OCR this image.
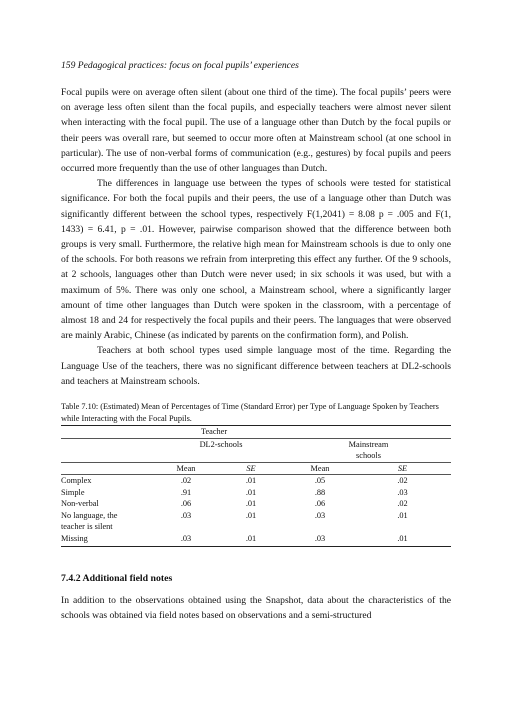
159 Pedagogical practices: focus on focal pupils’ experiences

Focal pupils were on average often silent (about one third of the time). The focal pupils’ peers were on average less often silent than the focal pupils, and especially teachers were almost never silent when interacting with the focal pupil. The use of a language other than Dutch by the focal pupils or their peers was overall rare, but seemed to occur more often at Mainstream school (at one school in particular). The use of non-verbal forms of communication (e.g., gestures) by focal pupils and peers occurred more frequently than the use of other languages than Dutch.

The differences in language use between the types of schools were tested for statistical significance. For both the focal pupils and their peers, the use of a language other than Dutch was significantly different between the school types, respectively F(1,2041) = 8.08 p = .005 and F(1, 1433) = 6.41, p = .01. However, pairwise comparison showed that the difference between both groups is very small. Furthermore, the relative high mean for Mainstream schools is due to only one of the schools. For both reasons we refrain from interpreting this effect any further. Of the 9 schools, at 2 schools, languages other than Dutch were never used; in six schools it was used, but with a maximum of 5%. There was only one school, a Mainstream school, where a significantly larger amount of time other languages than Dutch were spoken in the classroom, with a percentage of almost 18 and 24 for respectively the focal pupils and their peers. The languages that were observed are mainly Arabic, Chinese (as indicated by parents on the confirmation form), and Polish.

Teachers at both school types used simple language most of the time. Regarding the Language Use of the teachers, there was no significant difference between teachers at DL2-schools and teachers at Mainstream schools.

Table 7.10: (Estimated) Mean of Percentages of Time (Standard Error) per Type of Language Spoken by Teachers while Interacting with the Focal Pupils.
	Teacher			
	DL2-schools		Mainstream
schools	

	Mean	SE	Mean	SE
Complex	.02	.01	.05	.02
Simple	.91	.01	.88	.03
Non-verbal	.06	.01	.06	.02

No language, the
teacher is silent	.03	.01	.03	.01
Missing	.03	.01	.03	.01
7.4.2 Additional field notes

In addition to the observations obtained using the Snapshot, data about the characteristics of the schools was obtained via field notes based on observations and a semi-structured
